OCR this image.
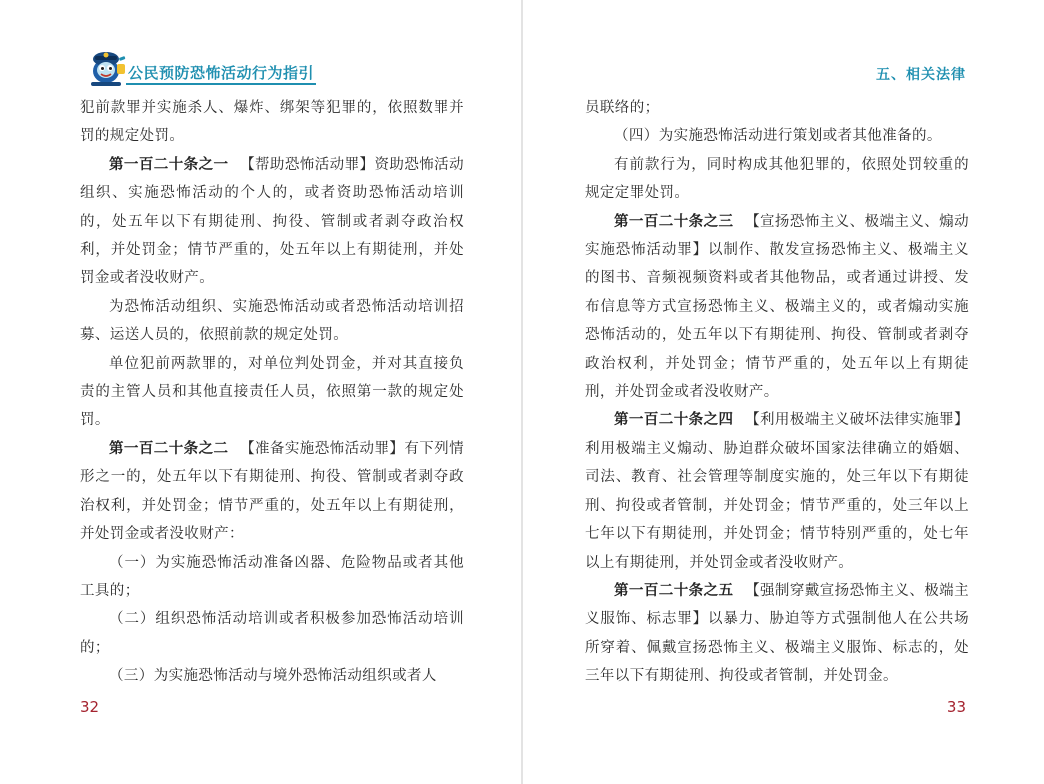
公民预防恐怖活动行为指引

犯前款罪并实施杀人、爆炸、绑架等犯罪的，依照数罪并罚的规定处罚。

第一百二十条之一 【帮助恐怖活动罪】资助恐怖活动组织、实施恐怖活动的个人的，或者资助恐怖活动培训的，处五年以下有期徒刑、拘役、管制或者剥夺政治权利，并处罚金；情节严重的，处五年以上有期徒刑，并处罚金或者没收财产。

为恐怖活动组织、实施恐怖活动或者恐怖活动培训招募、运送人员的，依照前款的规定处罚。

单位犯前两款罪的，对单位判处罚金，并对其直接负责的主管人员和其他直接责任人员，依照第一款的规定处罚。

第一百二十条之二 【准备实施恐怖活动罪】有下列情形之一的，处五年以下有期徒刑、拘役、管制或者剥夺政治权利，并处罚金；情节严重的，处五年以上有期徒刑，并处罚金或者没收财产：

（一）为实施恐怖活动准备凶器、危险物品或者其他工具的；

（二）组织恐怖活动培训或者积极参加恐怖活动培训的；

（三）为实施恐怖活动与境外恐怖活动组织或者人

32
五、相关法律

员联络的；

（四）为实施恐怖活动进行策划或者其他准备的。

有前款行为，同时构成其他犯罪的，依照处罚较重的规定定罪处罚。

第一百二十条之三 【宣扬恐怖主义、极端主义、煽动实施恐怖活动罪】以制作、散发宣扬恐怖主义、极端主义的图书、音频视频资料或者其他物品，或者通过讲授、发布信息等方式宣扬恐怖主义、极端主义的，或者煽动实施恐怖活动的，处五年以下有期徒刑、拘役、管制或者剥夺政治权利，并处罚金；情节严重的，处五年以上有期徒刑，并处罚金或者没收财产。

第一百二十条之四 【利用极端主义破坏法律实施罪】利用极端主义煽动、胁迫群众破坏国家法律确立的婚姻、司法、教育、社会管理等制度实施的，处三年以下有期徒刑、拘役或者管制，并处罚金；情节严重的，处三年以上七年以下有期徒刑，并处罚金；情节特别严重的，处七年以上有期徒刑，并处罚金或者没收财产。

第一百二十条之五 【强制穿戴宣扬恐怖主义、极端主义服饰、标志罪】以暴力、胁迫等方式强制他人在公共场所穿着、佩戴宣扬恐怖主义、极端主义服饰、标志的，处三年以下有期徒刑、拘役或者管制，并处罚金。

33
